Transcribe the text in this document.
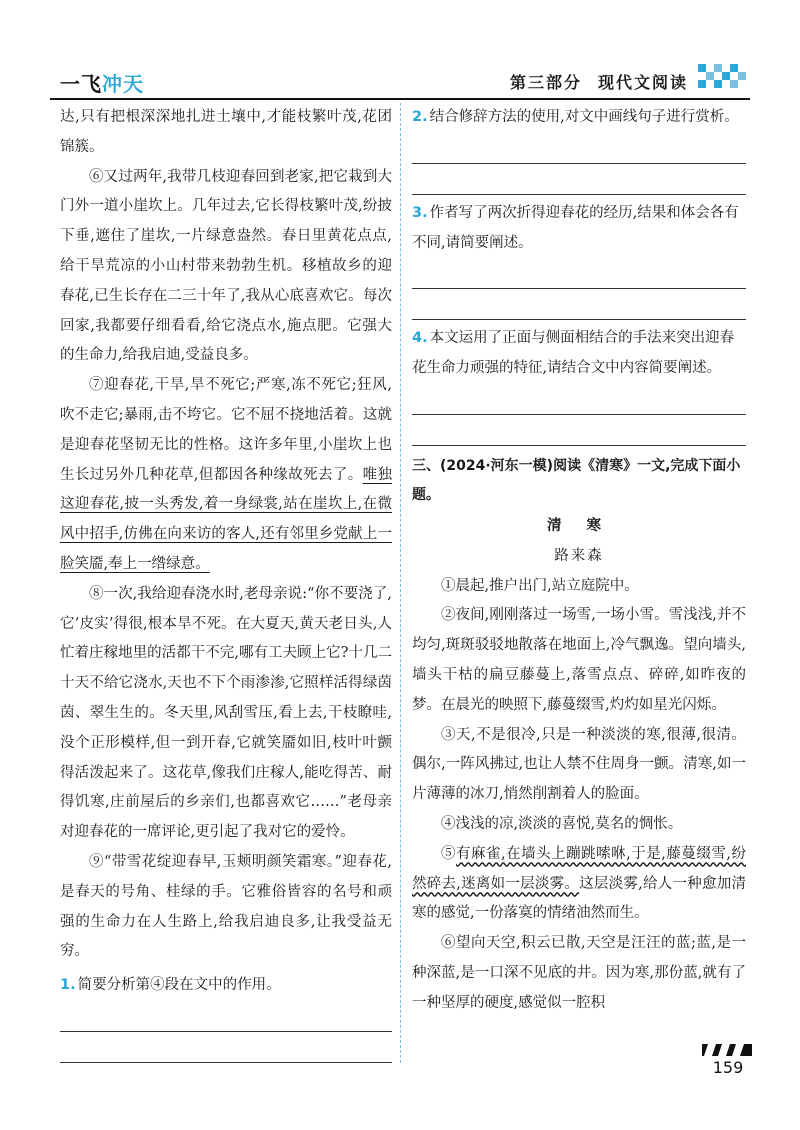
一飞冲天	第三部分 现代文阅读

达,只有把根深深地扎进土壤中,才能枝繁叶茂,花团锦簇。

⑥又过两年,我带几枝迎春回到老家,把它栽到大门外一道小崖坎上。几年过去,它长得枝繁叶茂,纷披下垂,遮住了崖坎,一片绿意盎然。春日里黄花点点,给干旱荒凉的小山村带来勃勃生机。移植故乡的迎春花,已生长存在二三十年了,我从心底喜欢它。每次回家,我都要仔细看看,给它浇点水,施点肥。它强大的生命力,给我启迪,受益良多。

⑦迎春花,干旱,旱不死它;严寒,冻不死它;狂风,吹不走它;暴雨,击不垮它。它不屈不挠地活着。这就是迎春花坚韧无比的性格。这许多年里,小崖坎上也生长过另外几种花草,但都因各种缘故死去了。唯独这迎春花,披一头秀发,着一身绿裳,站在崖坎上,在微风中招手,仿佛在向来访的客人,还有邻里乡党献上一脸笑靥,奉上一绺绿意。

⑧一次,我给迎春浇水时,老母亲说:“你不要浇了,它‘皮实’得很,根本旱不死。在大夏天,黄天老日头,人忙着庄稼地里的活都干不完,哪有工夫顾上它?十几二十天不给它浇水,天也不下个雨渗渗,它照样活得绿茵茵、翠生生的。冬天里,风刮雪压,看上去,干枝瞭哇,没个正形模样,但一到开春,它就笑靥如旧,枝叶叶颤得活泼起来了。这花草,像我们庄稼人,能吃得苦、耐得饥寒,庄前屋后的乡亲们,也都喜欢它……”老母亲对迎春花的一席评论,更引起了我对它的爱怜。

⑨“带雪花绽迎春早,玉颊明颜笑霜寒。”迎春花,是春天的号角、桂绿的手。它雅俗皆容的名号和顽强的生命力在人生路上,给我启迪良多,让我受益无穷。

1. 简要分析第④段在文中的作用。
2. 结合修辞方法的使用,对文中画线句子进行赏析。
3. 作者写了两次折得迎春花的经历,结果和体会各有不同,请简要阐述。
4. 本文运用了正面与侧面相结合的手法来突出迎春花生命力顽强的特征,请结合文中内容简要阐述。
三、(2024·河东一模)阅读《清寒》一文,完成下面小题。
清 寒
路来森

①晨起,推户出门,站立庭院中。

②夜间,刚刚落过一场雪,一场小雪。雪浅浅,并不均匀,斑斑驳驳地散落在地面上,冷气飘逸。望向墙头,墙头干枯的扁豆藤蔓上,落雪点点、碎碎,如昨夜的梦。在晨光的映照下,藤蔓缀雪,灼灼如星光闪烁。

③天,不是很冷,只是一种淡淡的寒,很薄,很清。偶尔,一阵风拂过,也让人禁不住周身一颤。清寒,如一片薄薄的冰刀,悄然削割着人的脸面。

④浅浅的凉,淡淡的喜悦,莫名的惆怅。

⑤有麻雀,在墙头上蹦跳嗦咻,于是,藤蔓缀雪,纷然碎去,迷离如一层淡雾。这层淡雾,给人一种愈加清寒的感觉,一份落寞的情绪油然而生。

⑥望向天空,积云已散,天空是汪汪的蓝;蓝,是一种深蓝,是一口深不见底的井。因为寒,那份蓝,就有了一种坚厚的硬度,感觉似一腔积

159
